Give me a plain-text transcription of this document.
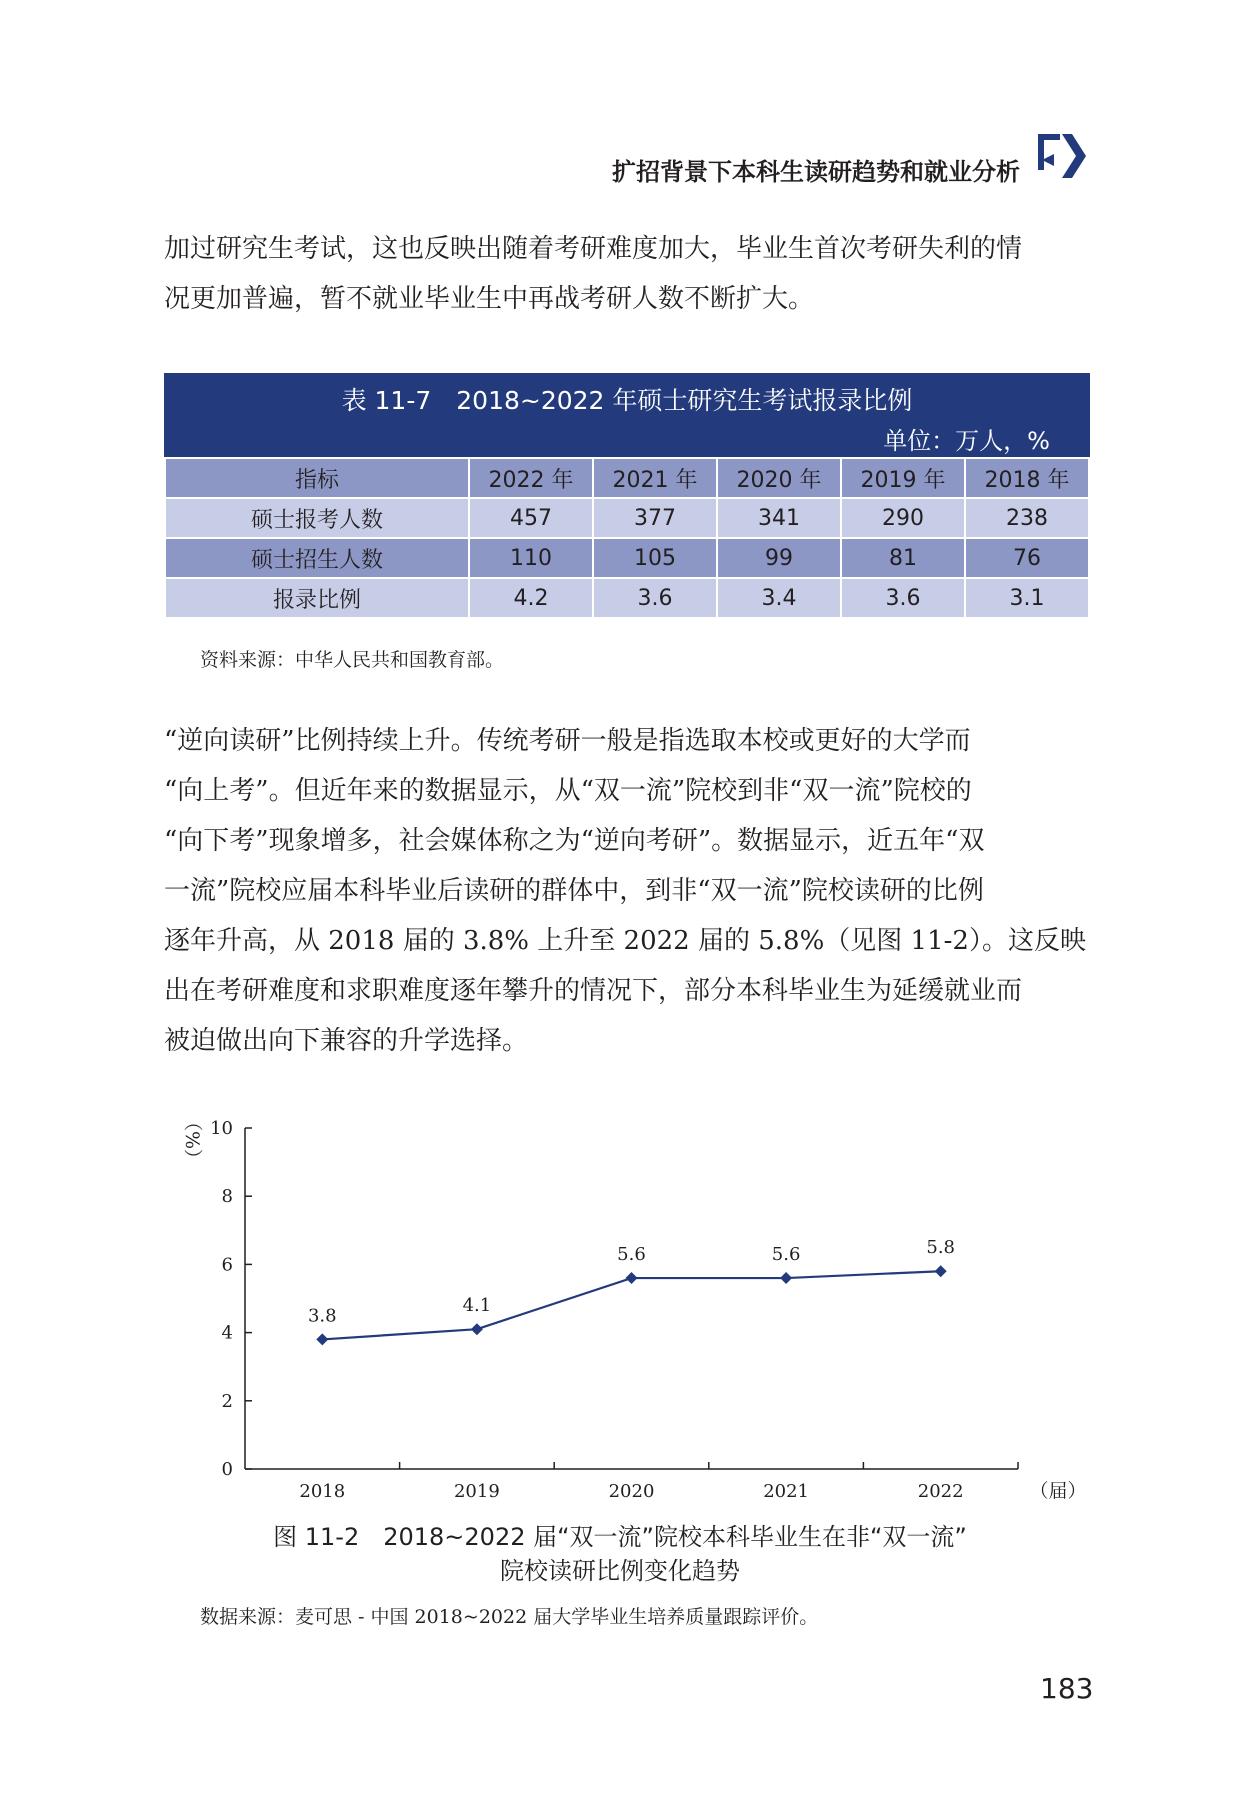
扩招背景下本科生读研趋势和就业分析
加过研究生考试，这也反映出随着考研难度加大，毕业生首次考研失利的情
况更加普遍，暂不就业毕业生中再战考研人数不断扩大。
表 11-7　2018~2022 年硕士研究生考试报录比例
单位：万人，%
指标	2022 年	2021 年	2020 年	2019 年	2018 年
硕士报考人数	457	377	341	290	238
硕士招生人数	110	105	99	81	76
报录比例	4.2	3.6	3.4	3.6	3.1
资料来源：中华人民共和国教育部。
“逆向读研”比例持续上升。传统考研一般是指选取本校或更好的大学而
“向上考”。但近年来的数据显示，从“双一流”院校到非“双一流”院校的
“向下考”现象增多，社会媒体称之为“逆向考研”。数据显示，近五年“双
一流”院校应届本科毕业后读研的群体中，到非“双一流”院校读研的比例
逐年升高，从 2018 届的 3.8% 上升至 2022 届的 5.8%（见图 11-2）。这反映
出在考研难度和求职难度逐年攀升的情况下，部分本科毕业生为延缓就业而
被迫做出向下兼容的升学选择。
0
2
4
6
8
10
2018	2019	2020	2021	2022	（届）
（%）
3.8	4.1
5.6	5.6	5.8
图 11-2　2018~2022 届“双一流”院校本科毕业生在非“双一流”
院校读研比例变化趋势
数据来源：麦可思 - 中国 2018~2022 届大学毕业生培养质量跟踪评价。
183
